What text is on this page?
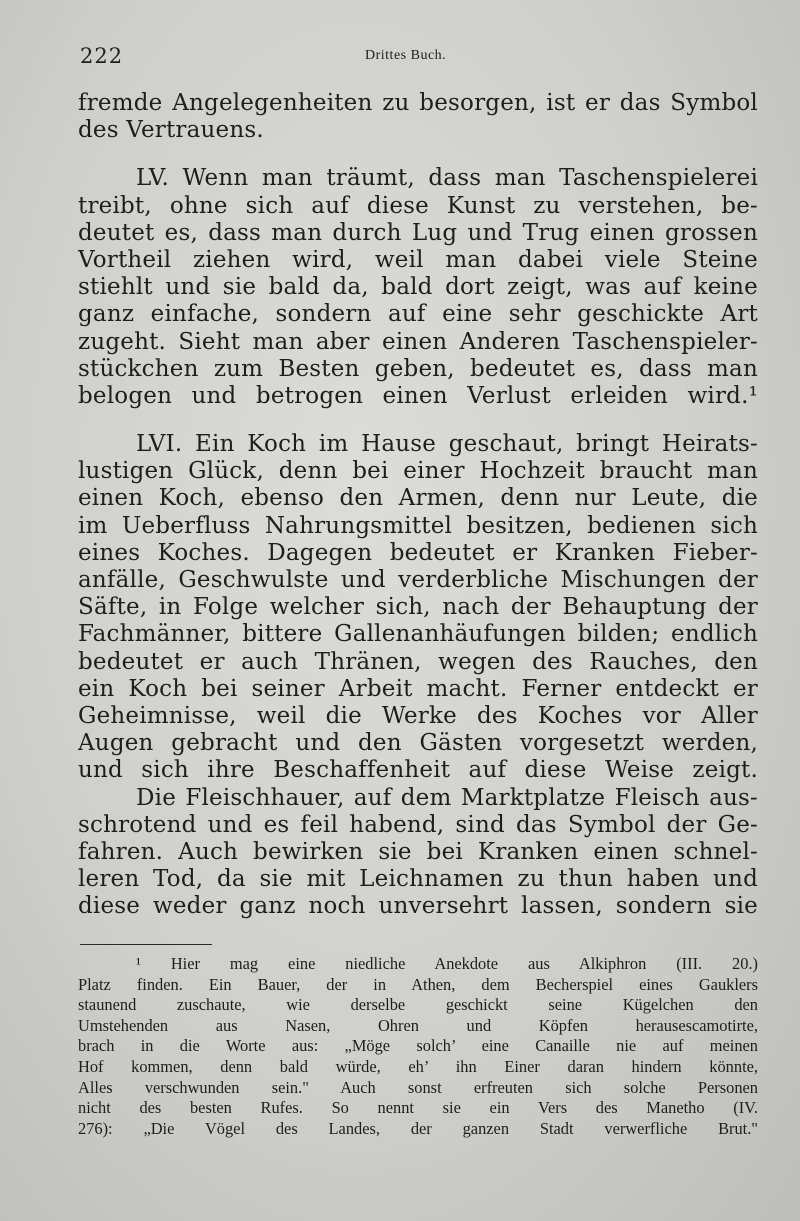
222	Drittes Buch.
fremde Angelegenheiten zu besorgen, ist er das Symbol
des Vertrauens.
LV. Wenn man träumt, dass man Taschenspielerei
treibt, ohne sich auf diese Kunst zu verstehen, be-
deutet es, dass man durch Lug und Trug einen grossen
Vortheil ziehen wird, weil man dabei viele Steine
stiehlt und sie bald da, bald dort zeigt, was auf keine
ganz einfache, sondern auf eine sehr geschickte Art
zugeht. Sieht man aber einen Anderen Taschenspieler-
stückchen zum Besten geben, bedeutet es, dass man
belogen und betrogen einen Verlust erleiden wird.¹
LVI. Ein Koch im Hause geschaut, bringt Heirats-
lustigen Glück, denn bei einer Hochzeit braucht man
einen Koch, ebenso den Armen, denn nur Leute, die
im Ueberfluss Nahrungsmittel besitzen, bedienen sich
eines Koches. Dagegen bedeutet er Kranken Fieber-
anfälle, Geschwulste und verderbliche Mischungen der
Säfte, in Folge welcher sich, nach der Behauptung der
Fachmänner, bittere Gallenanhäufungen bilden; endlich
bedeutet er auch Thränen, wegen des Rauches, den
ein Koch bei seiner Arbeit macht. Ferner entdeckt er
Geheimnisse, weil die Werke des Koches vor Aller
Augen gebracht und den Gästen vorgesetzt werden,
und sich ihre Beschaffenheit auf diese Weise zeigt.
Die Fleischhauer, auf dem Marktplatze Fleisch aus-
schrotend und es feil habend, sind das Symbol der Ge-
fahren. Auch bewirken sie bei Kranken einen schnel-
leren Tod, da sie mit Leichnamen zu thun haben und
diese weder ganz noch unversehrt lassen, sondern sie
¹ Hier mag eine niedliche Anekdote aus Alkiphron (III. 20.)
Platz finden. Ein Bauer, der in Athen, dem Becherspiel eines Gauklers
staunend zuschaute, wie derselbe geschickt seine Kügelchen den
Umstehenden aus Nasen, Ohren und Köpfen herausescamotirte,
brach in die Worte aus: „Möge solch’ eine Canaille nie auf meinen
Hof kommen, denn bald würde, eh’ ihn Einer daran hindern könnte,
Alles verschwunden sein." Auch sonst erfreuten sich solche Personen
nicht des besten Rufes. So nennt sie ein Vers des Manetho (IV.
276): „Die Vögel des Landes, der ganzen Stadt verwerfliche Brut."
